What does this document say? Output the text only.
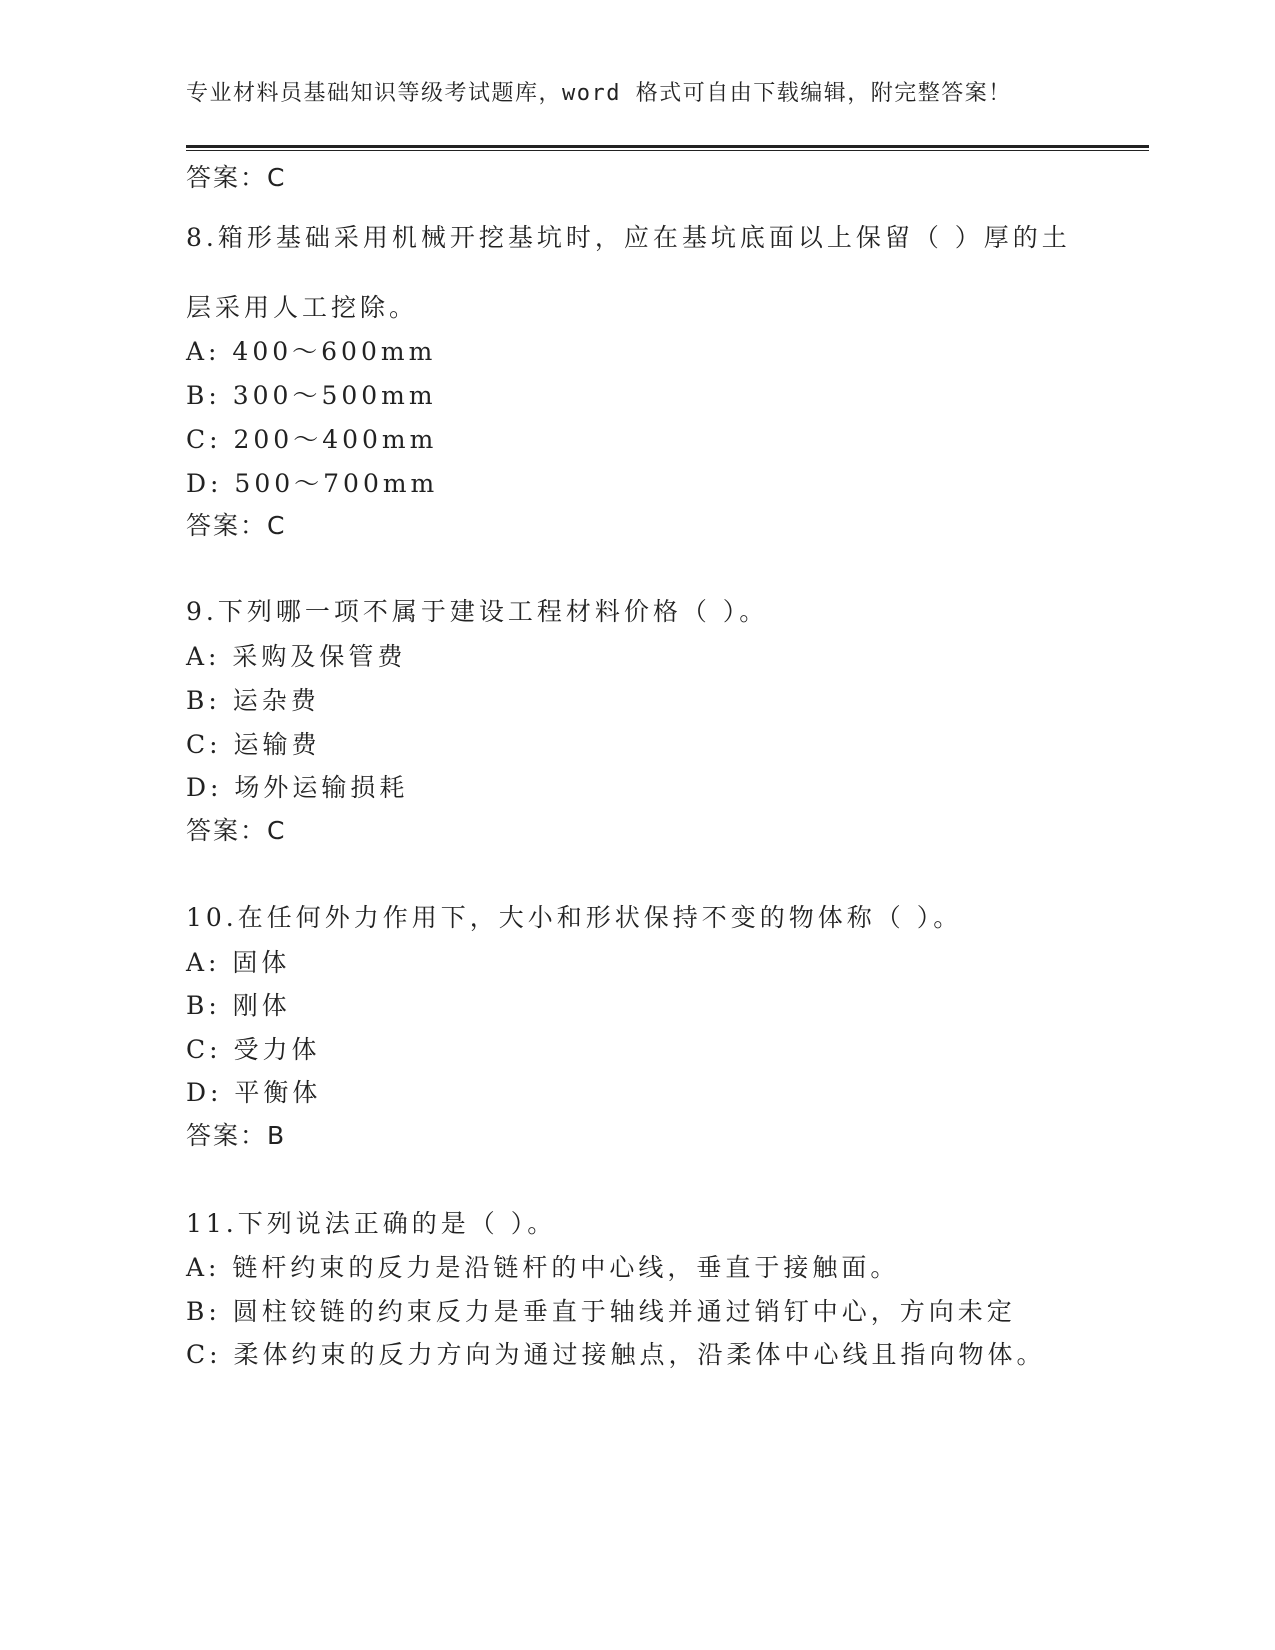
专业材料员基础知识等级考试题库，word 格式可自由下载编辑，附完整答案！
答案：C
8.箱形基础采用机械开挖基坑时，应在基坑底面以上保留（ ）厚的土
层采用人工挖除。
A: 400～600mm
B: 300～500mm
C: 200～400mm
D: 500～700mm
答案：C
9.下列哪一项不属于建设工程材料价格（ ）。
A: 采购及保管费
B: 运杂费
C: 运输费
D: 场外运输损耗
答案：C
10.在任何外力作用下，大小和形状保持不变的物体称（ ）。
A: 固体
B: 刚体
C: 受力体
D: 平衡体
答案：B
11.下列说法正确的是（ ）。
A: 链杆约束的反力是沿链杆的中心线，垂直于接触面。
B: 圆柱铰链的约束反力是垂直于轴线并通过销钉中心，方向未定
C: 柔体约束的反力方向为通过接触点，沿柔体中心线且指向物体。
